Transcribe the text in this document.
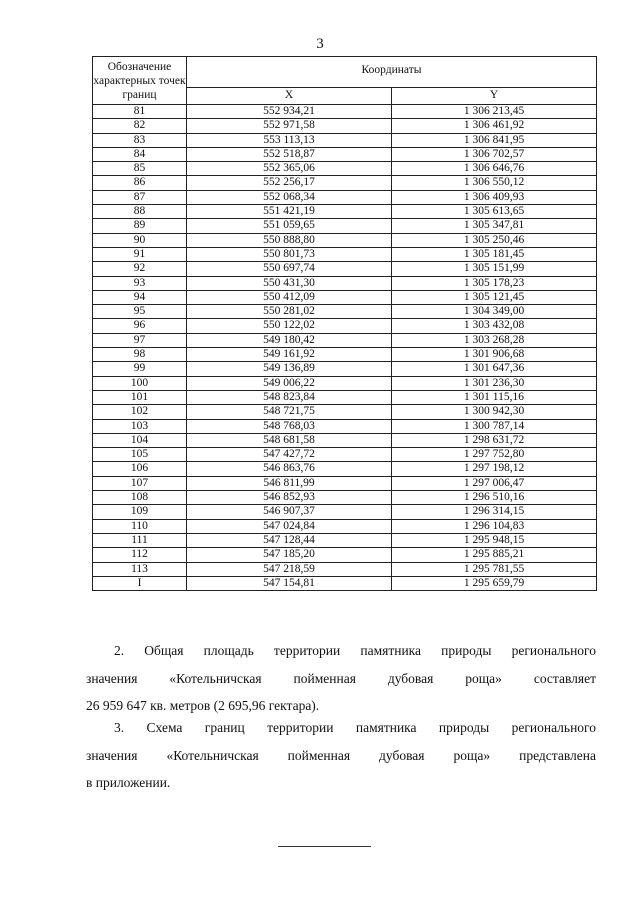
3
Обозначение характерных точек границ	Координаты	
	X	Y
81	552 934,21	1 306 213,45
82	552 971,58	1 306 461,92
83	553 113,13	1 306 841,95
84	552 518,87	1 306 702,57
85	552 365,06	1 306 646,76
86	552 256,17	1 306 550,12
87	552 068,34	1 306 409,93
88	551 421,19	1 305 613,65
89	551 059,65	1 305 347,81
90	550 888,80	1 305 250,46
91	550 801,73	1 305 181,45
92	550 697,74	1 305 151,99
93	550 431,30	1 305 178,23
94	550 412,09	1 305 121,45
95	550 281,02	1 304 349,00
96	550 122,02	1 303 432,08
97	549 180,42	1 303 268,28
98	549 161,92	1 301 906,68
99	549 136,89	1 301 647,36
100	549 006,22	1 301 236,30
101	548 823,84	1 301 115,16
102	548 721,75	1 300 942,30
103	548 768,03	1 300 787,14
104	548 681,58	1 298 631,72
105	547 427,72	1 297 752,80
106	546 863,76	1 297 198,12
107	546 811,99	1 297 006,47
108	546 852,93	1 296 510,16
109	546 907,37	1 296 314,15
110	547 024,84	1 296 104,83
111	547 128,44	1 295 948,15
112	547 185,20	1 295 885,21
113	547 218,59	1 295 781,55
I	547 154,81	1 295 659,79
2. Общая площадь территории памятника природы регионального
значения «Котельничская пойменная дубовая роща» составляет
26 959 647 кв. метров (2 695,96 гектара).
3. Схема границ территории памятника природы регионального
значения «Котельничская пойменная дубовая роща» представлена
в приложении.
